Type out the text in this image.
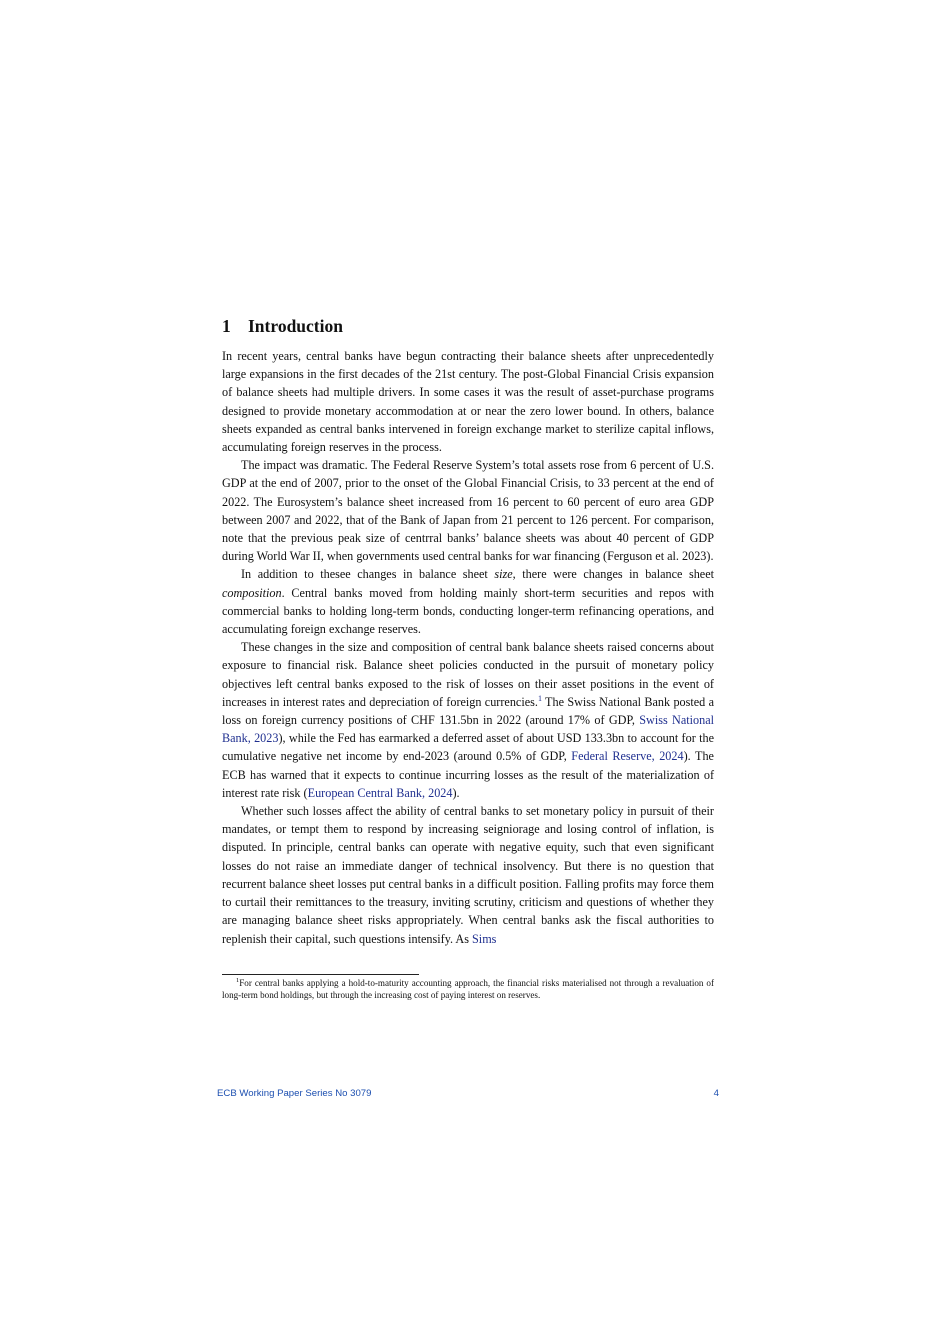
1 Introduction

In recent years, central banks have begun contracting their balance sheets after unprecedentedly large expansions in the first decades of the 21st century. The post-Global Financial Crisis expansion of balance sheets had multiple drivers. In some cases it was the result of asset-purchase programs designed to provide monetary accommodation at or near the zero lower bound. In others, balance sheets expanded as central banks intervened in foreign exchange market to sterilize capital inflows, accumulating foreign reserves in the process.

The impact was dramatic. The Federal Reserve System’s total assets rose from 6 percent of U.S. GDP at the end of 2007, prior to the onset of the Global Financial Crisis, to 33 percent at the end of 2022. The Eurosystem’s balance sheet increased from 16 percent to 60 percent of euro area GDP between 2007 and 2022, that of the Bank of Japan from 21 percent to 126 percent. For comparison, note that the previous peak size of centrral banks’ balance sheets was about 40 percent of GDP during World War II, when governments used central banks for war financing (Ferguson et al. 2023).

In addition to thesee changes in balance sheet size, there were changes in balance sheet composition. Central banks moved from holding mainly short-term securities and repos with commercial banks to holding long-term bonds, conducting longer-term refinancing operations, and accumulating foreign exchange reserves.

These changes in the size and composition of central bank balance sheets raised concerns about exposure to financial risk. Balance sheet policies conducted in the pursuit of monetary policy objectives left central banks exposed to the risk of losses on their asset positions in the event of increases in interest rates and depreciation of foreign currencies.$^1$ The Swiss National Bank posted a loss on foreign currency positions of CHF 131.5bn in 2022 (around 17% of GDP, Swiss National Bank, 2023), while the Fed has earmarked a deferred asset of about USD 133.3bn to account for the cumulative negative net income by end-2023 (around 0.5% of GDP, Federal Reserve, 2024). The ECB has warned that it expects to continue incurring losses as the result of the materialization of interest rate risk (European Central Bank, 2024).

Whether such losses affect the ability of central banks to set monetary policy in pursuit of their mandates, or tempt them to respond by increasing seigniorage and losing control of inflation, is disputed. In principle, central banks can operate with negative equity, such that even significant losses do not raise an immediate danger of technical insolvency. But there is no question that recurrent balance sheet losses put central banks in a difficult position. Falling profits may force them to curtail their remittances to the treasury, inviting scrutiny, criticism and questions of whether they are managing balance sheet risks appropriately. When central banks ask the fiscal authorities to replenish their capital, such questions intensify. As Sims

$^1$For central banks applying a hold-to-maturity accounting approach, the financial risks materialised not through a revaluation of long-term bond holdings, but through the increasing cost of paying interest on reserves.

ECB Working Paper Series No 3079	4
